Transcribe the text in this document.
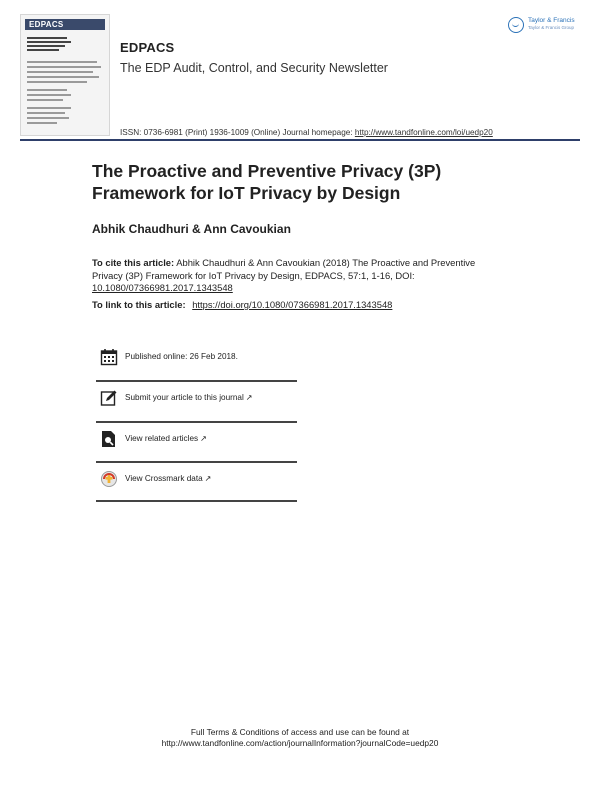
EDPACS
EDPACS
The EDP Audit, Control, and Security Newsletter
ISSN: 0736-6981 (Print) 1936-1009 (Online) Journal homepage: http://www.tandfonline.com/loi/uedp20
Taylor & Francis
Taylor & Francis Group
The Proactive and Preventive Privacy (3P) Framework for IoT Privacy by Design
Abhik Chaudhuri & Ann Cavoukian
To cite this article: Abhik Chaudhuri & Ann Cavoukian (2018) The Proactive and Preventive Privacy (3P) Framework for IoT Privacy by Design, EDPACS, 57:1, 1-16, DOI: 10.1080/07366981.2017.1343548
To link to this article: https://doi.org/10.1080/07366981.2017.1343548
Published online: 26 Feb 2018.
Submit your article to this journal ↗
View related articles ↗
View Crossmark data ↗
Full Terms & Conditions of access and use can be found at
http://www.tandfonline.com/action/journalInformation?journalCode=uedp20
